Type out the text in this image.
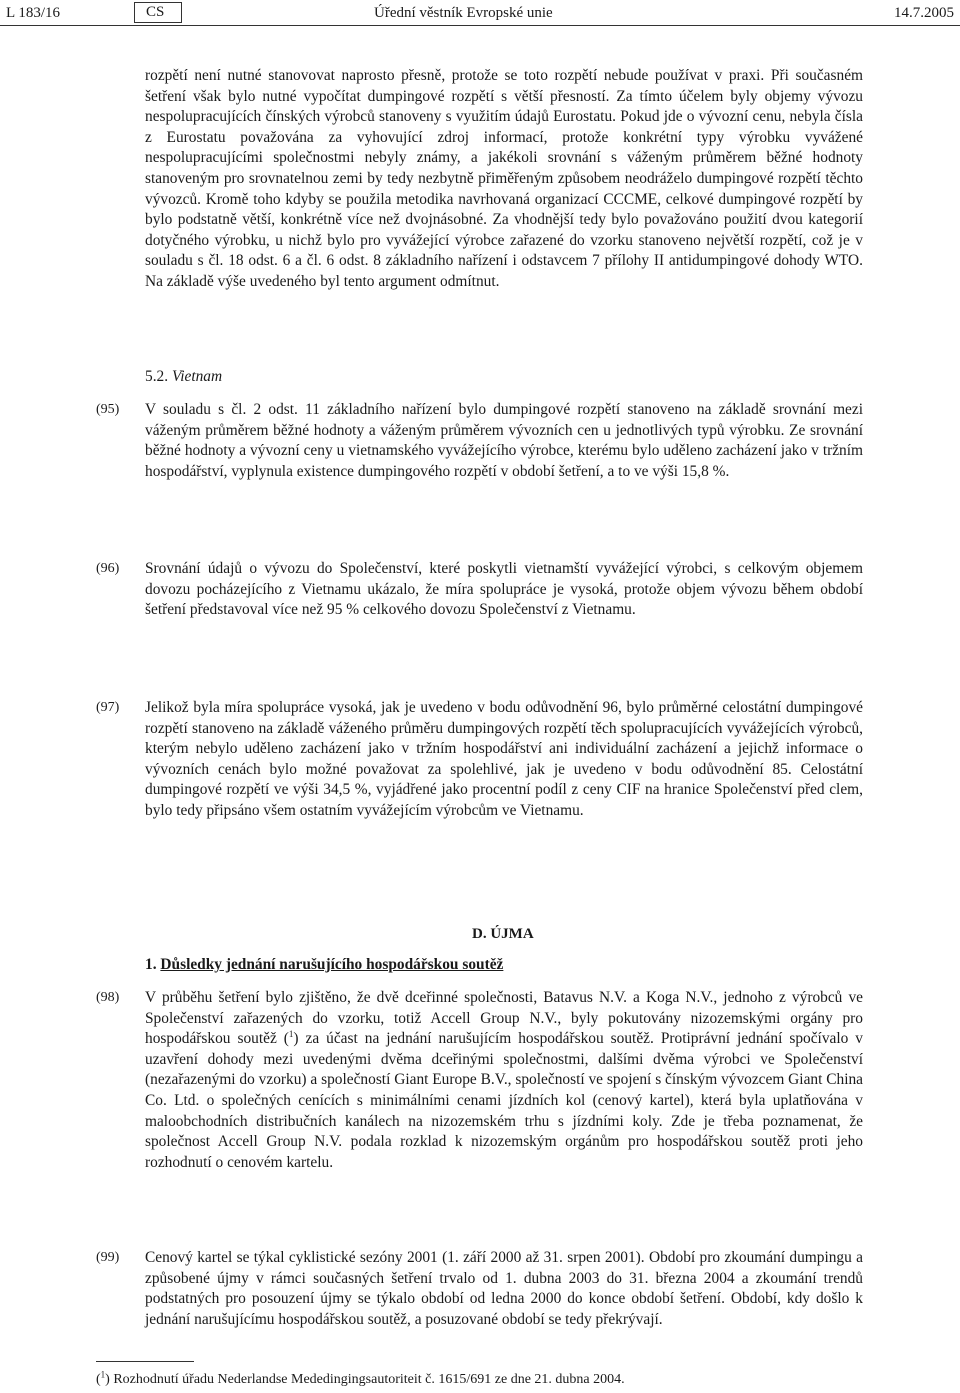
L 183/16	CS	Úřední věstník Evropské unie	14.7.2005
rozpětí není nutné stanovovat naprosto přesně, protože se toto rozpětí nebude používat v praxi. Při současném šetření však bylo nutné vypočítat dumpingové rozpětí s větší přesností. Za tímto účelem byly objemy vývozu nespolupracujících čínských výrobců stanoveny s využitím údajů Eurostatu. Pokud jde o vývozní cenu, nebyla čísla z Eurostatu považována za vyhovující zdroj informací, protože konkrétní typy výrobku vyvážené nespolupracujícími společnostmi nebyly známy, a jakékoli srovnání s váženým průměrem běžné hodnoty stanoveným pro srovnatelnou zemi by tedy nezbytně přiměřeným způsobem neodráželo dumpingové rozpětí těchto vývozců. Kromě toho kdyby se použila metodika navrhovaná organizací CCCME, celkové dumpingové rozpětí by bylo podstatně větší, konkrétně více než dvojnásobné. Za vhodnější tedy bylo považováno použití dvou kategorií dotyčného výrobku, u nichž bylo pro vyvážející výrobce zařazené do vzorku stanoveno největší rozpětí, což je v souladu s čl. 18 odst. 6 a čl. 6 odst. 8 základního nařízení i odstavcem 7 přílohy II antidumpingové dohody WTO. Na základě výše uvedeného byl tento argument odmítnut.
5.2. Vietnam
(95) V souladu s čl. 2 odst. 11 základního nařízení bylo dumpingové rozpětí stanoveno na základě srovnání mezi váženým průměrem běžné hodnoty a váženým průměrem vývozních cen u jednotlivých typů výrobku. Ze srovnání běžné hodnoty a vývozní ceny u vietnamského vyvážejícího výrobce, kterému bylo uděleno zacházení jako v tržním hospodářství, vyplynula existence dumpingového rozpětí v období šetření, a to ve výši 15,8 %.
(96) Srovnání údajů o vývozu do Společenství, které poskytli vietnamští vyvážející výrobci, s celkovým objemem dovozu pocházejícího z Vietnamu ukázalo, že míra spolupráce je vysoká, protože objem vývozu během období šetření představoval více než 95 % celkového dovozu Společenství z Vietnamu.
(97) Jelikož byla míra spolupráce vysoká, jak je uvedeno v bodu odůvodnění 96, bylo průměrné celostátní dumpingové rozpětí stanoveno na základě váženého průměru dumpingových rozpětí těch spolupracujících vyvážejících výrobců, kterým nebylo uděleno zacházení jako v tržním hospodářství ani individuální zacházení a jejichž informace o vývozních cenách bylo možné považovat za spolehlivé, jak je uvedeno v bodu odůvodnění 85. Celostátní dumpingové rozpětí ve výši 34,5 %, vyjádřené jako procentní podíl z ceny CIF na hranice Společenství před clem, bylo tedy připsáno všem ostatním vyvážejícím výrobcům ve Vietnamu.
D. ÚJMA
1. Důsledky jednání narušujícího hospodářskou soutěž
(98) V průběhu šetření bylo zjištěno, že dvě dceřinné společnosti, Batavus N.V. a Koga N.V., jednoho z výrobců ve Společenství zařazených do vzorku, totiž Accell Group N.V., byly pokutovány nizozemskými orgány pro hospodářskou soutěž ($^1$) za účast na jednání narušujícím hospodářskou soutěž. Protiprávní jednání spočívalo v uzavření dohody mezi uvedenými dvěma dceřinými společnostmi, dalšími dvěma výrobci ve Společenství (nezařazenými do vzorku) a společností Giant Europe B.V., společností ve spojení s čínským vývozcem Giant China Co. Ltd. o společných cenících s minimálními cenami jízdních kol (cenový kartel), která byla uplatňována v maloobchodních distribučních kanálech na nizozemském trhu s jízdními koly. Zde je třeba poznamenat, že společnost Accell Group N.V. podala rozklad k nizozemským orgánům pro hospodářskou soutěž proti jeho rozhodnutí o cenovém kartelu.
(99) Cenový kartel se týkal cyklistické sezóny 2001 (1. září 2000 až 31. srpen 2001). Období pro zkoumání dumpingu a způsobené újmy v rámci současných šetření trvalo od 1. dubna 2003 do 31. března 2004 a zkoumání trendů podstatných pro posouzení újmy se týkalo období od ledna 2000 do konce období šetření. Období, kdy došlo k jednání narušujícímu hospodářskou soutěž, a posuzované období se tedy překrývají.
($^1$) Rozhodnutí úřadu Nederlandse Mededingingsautoriteit č. 1615/691 ze dne 21. dubna 2004.
